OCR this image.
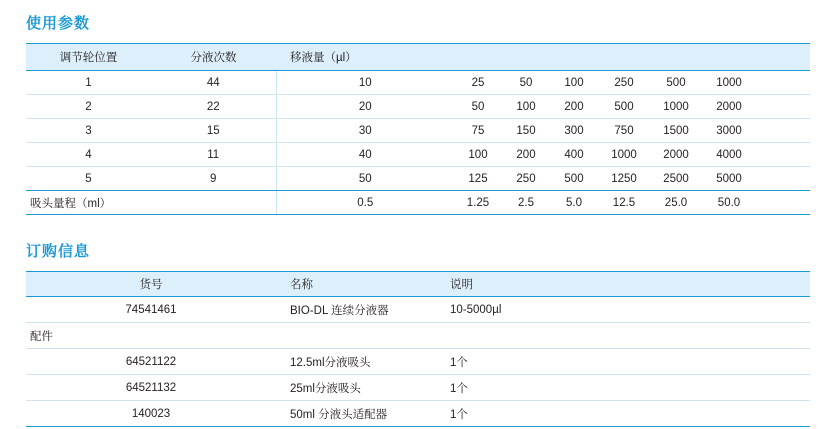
使用参数
调节轮位置	分液次数	移液量（µl）							
1	44	10	25	50	100	250	500	1000	
2	22	20	50	100	200	500	1000	2000	
3	15	30	75	150	300	750	1500	3000	
4	11	40	100	200	400	1000	2000	4000	
5	9	50	125	250	500	1250	2500	5000	
吸头量程（ml）		0.5	1.25	2.5	5.0	12.5	25.0	50.0	
订购信息
货号	名称	说明
74541461	BIO-DL 连续分液器	10-5000µl
配件		
64521122	12.5ml分液吸头	1个
64521132	25ml分液吸头	1个
140023	50ml 分液头适配器	1个
